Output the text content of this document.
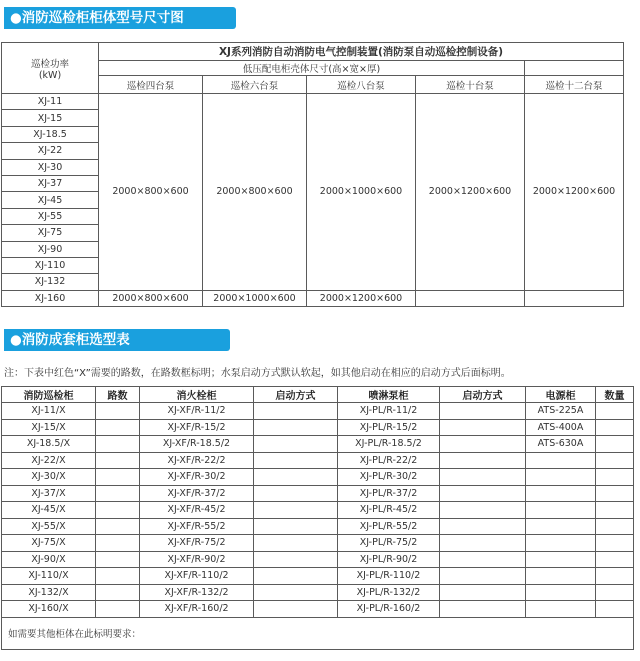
●消防巡检柜柜体型号尺寸图
巡检功率
(kW)	XJ系列消防自动消防电气控制装置(消防泵自动巡检控制设备)				
	低压配电柜壳体尺寸(高×宽×厚)				
	巡检四台泵	巡检六台泵	巡检八台泵	巡检十台泵	巡检十二台泵
XJ-11	2000×800×600	2000×800×600	2000×1000×600	2000×1200×600	2000×1200×600
XJ-15					
XJ-18.5					
XJ-22					
XJ-30					
XJ-37					
XJ-45					
XJ-55					
XJ-75					
XJ-90					
XJ-110					
XJ-132					
XJ-160	2000×800×600	2000×1000×600	2000×1200×600		
●消防成套柜选型表
注：下表中红色“X”需要的路数，在路数框标明；水泵启动方式默认软起，如其他启动在相应的启动方式后面标明。
消防巡检柜	路数	消火栓柜	启动方式	喷淋泵柜	启动方式	电源柜	数量
XJ-11/X		XJ-XF/R-11/2		XJ-PL/R-11/2		ATS-225A	
XJ-15/X		XJ-XF/R-15/2		XJ-PL/R-15/2		ATS-400A	
XJ-18.5/X		XJ-XF/R-18.5/2		XJ-PL/R-18.5/2		ATS-630A	
XJ-22/X		XJ-XF/R-22/2		XJ-PL/R-22/2			
XJ-30/X		XJ-XF/R-30/2		XJ-PL/R-30/2			
XJ-37/X		XJ-XF/R-37/2		XJ-PL/R-37/2			
XJ-45/X		XJ-XF/R-45/2		XJ-PL/R-45/2			
XJ-55/X		XJ-XF/R-55/2		XJ-PL/R-55/2			
XJ-75/X		XJ-XF/R-75/2		XJ-PL/R-75/2			
XJ-90/X		XJ-XF/R-90/2		XJ-PL/R-90/2			
XJ-110/X		XJ-XF/R-110/2		XJ-PL/R-110/2			
XJ-132/X		XJ-XF/R-132/2		XJ-PL/R-132/2			
XJ-160/X		XJ-XF/R-160/2		XJ-PL/R-160/2			
如需要其他柜体在此标明要求：							
